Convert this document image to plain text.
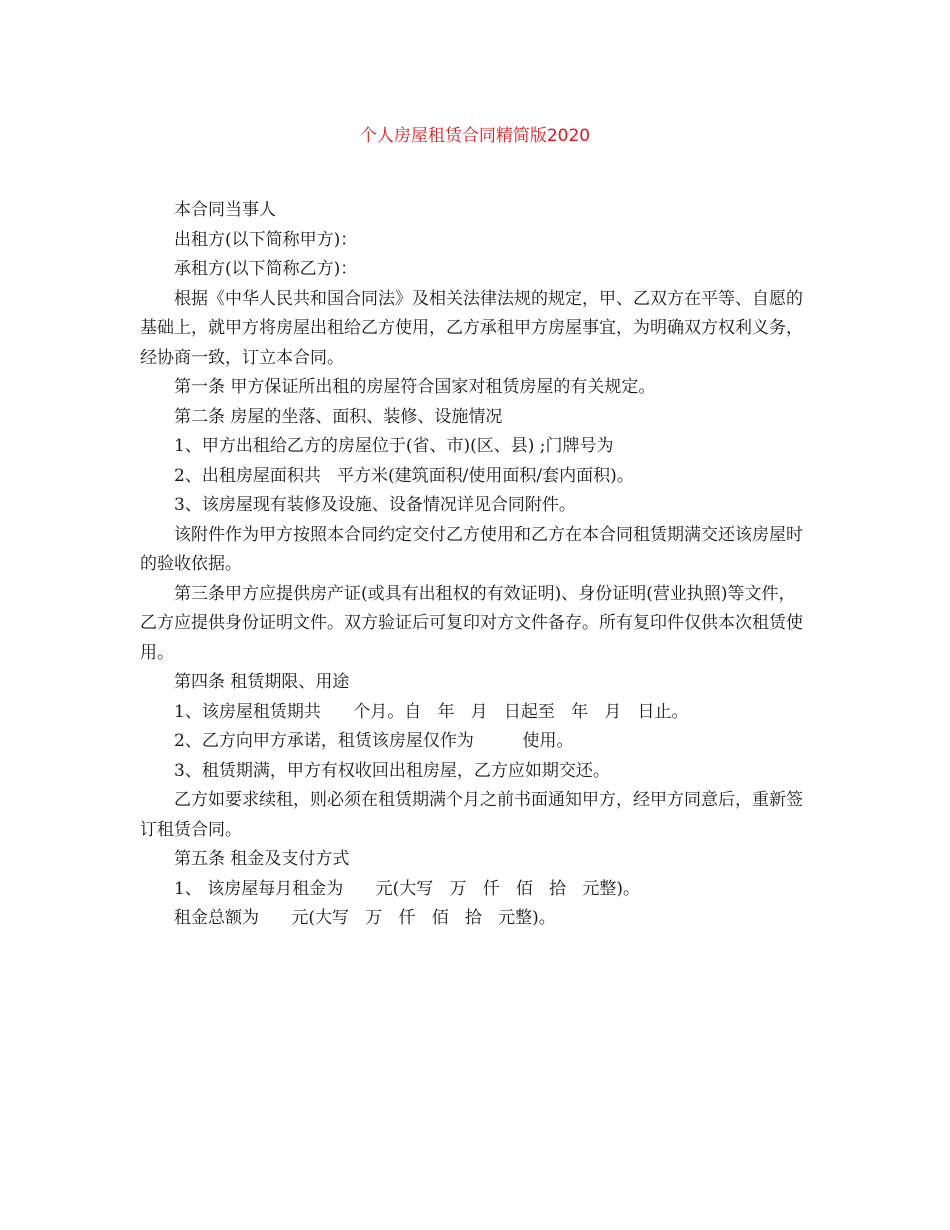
个人房屋租赁合同精简版2020

本合同当事人

出租方(以下简称甲方)：

承租方(以下简称乙方)：

根据《中华人民共和国合同法》及相关法律法规的规定，甲、乙双方在平等、自愿的基础上，就甲方将房屋出租给乙方使用，乙方承租甲方房屋事宜，为明确双方权利义务，经协商一致，订立本合同。

第一条 甲方保证所出租的房屋符合国家对租赁房屋的有关规定。

第二条 房屋的坐落、面积、装修、设施情况

1、甲方出租给乙方的房屋位于(省、市)(区、县) ;门牌号为

2、出租房屋面积共   平方米(建筑面积/使用面积/套内面积)。

3、该房屋现有装修及设施、设备情况详见合同附件。

该附件作为甲方按照本合同约定交付乙方使用和乙方在本合同租赁期满交还该房屋时的验收依据。

第三条甲方应提供房产证(或具有出租权的有效证明)、身份证明(营业执照)等文件，乙方应提供身份证明文件。双方验证后可复印对方文件备存。所有复印件仅供本次租赁使用。

第四条 租赁期限、用途

1、该房屋租赁期共      个月。自   年   月   日起至   年   月   日止。

2、乙方向甲方承诺，租赁该房屋仅作为         使用。

3、租赁期满，甲方有权收回出租房屋，乙方应如期交还。

乙方如要求续租，则必须在租赁期满个月之前书面通知甲方，经甲方同意后，重新签订租赁合同。

第五条 租金及支付方式

1、 该房屋每月租金为      元(大写   万   仟   佰   拾   元整)。

租金总额为      元(大写   万   仟   佰   拾   元整)。
